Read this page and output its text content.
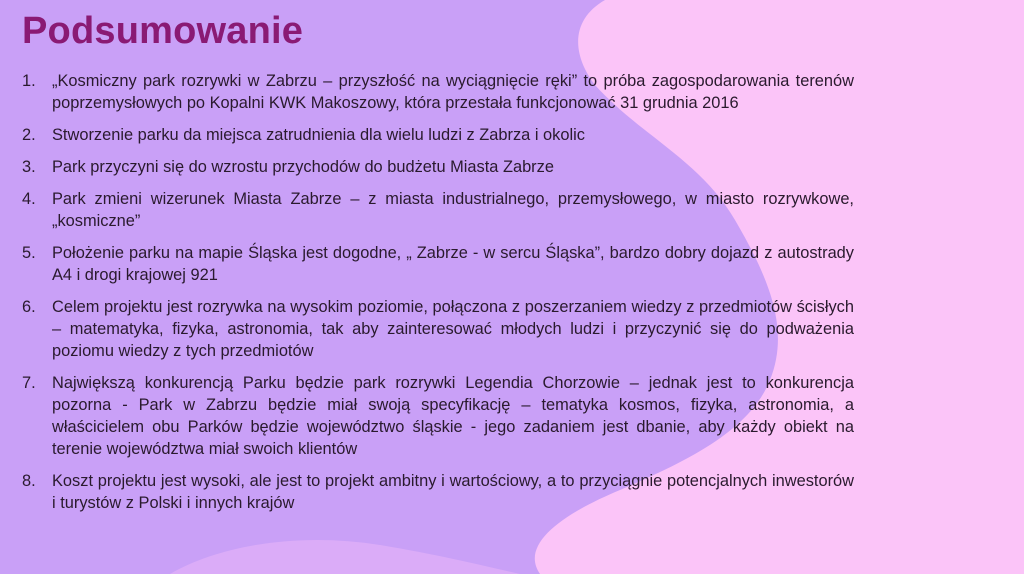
Podsumowanie
1. „Kosmiczny park rozrywki w Zabrzu – przyszłość na wyciągnięcie ręki” to próba zagospodarowania terenów poprzemysłowych po Kopalni KWK Makoszowy, która przestała funkcjonować 31 grudnia 2016
2. Stworzenie parku da miejsca zatrudnienia dla wielu ludzi z Zabrza i okolic
3. Park przyczyni się do wzrostu przychodów do budżetu Miasta Zabrze
4. Park zmieni wizerunek Miasta Zabrze – z miasta industrialnego, przemysłowego, w miasto rozrywkowe, „kosmiczne”
5. Położenie parku na mapie Śląska jest dogodne, „ Zabrze - w sercu Śląska”, bardzo dobry dojazd z autostrady A4 i drogi krajowej 921
6. Celem projektu jest rozrywka na wysokim poziomie, połączona z poszerzaniem wiedzy z przedmiotów ścisłych – matematyka, fizyka, astronomia, tak aby zainteresować młodych ludzi i przyczynić się do podważenia poziomu wiedzy z tych przedmiotów
7. Największą konkurencją Parku będzie park rozrywki Legendia Chorzowie – jednak jest to konkurencja pozorna - Park w Zabrzu będzie miał swoją specyfikację – tematyka kosmos, fizyka, astronomia, a właścicielem obu Parków będzie województwo śląskie - jego zadaniem jest dbanie, aby każdy obiekt na terenie województwa miał swoich klientów
8. Koszt projektu jest wysoki, ale jest to projekt ambitny i wartościowy, a to przyciągnie potencjalnych inwestorów i turystów z Polski i innych krajów
